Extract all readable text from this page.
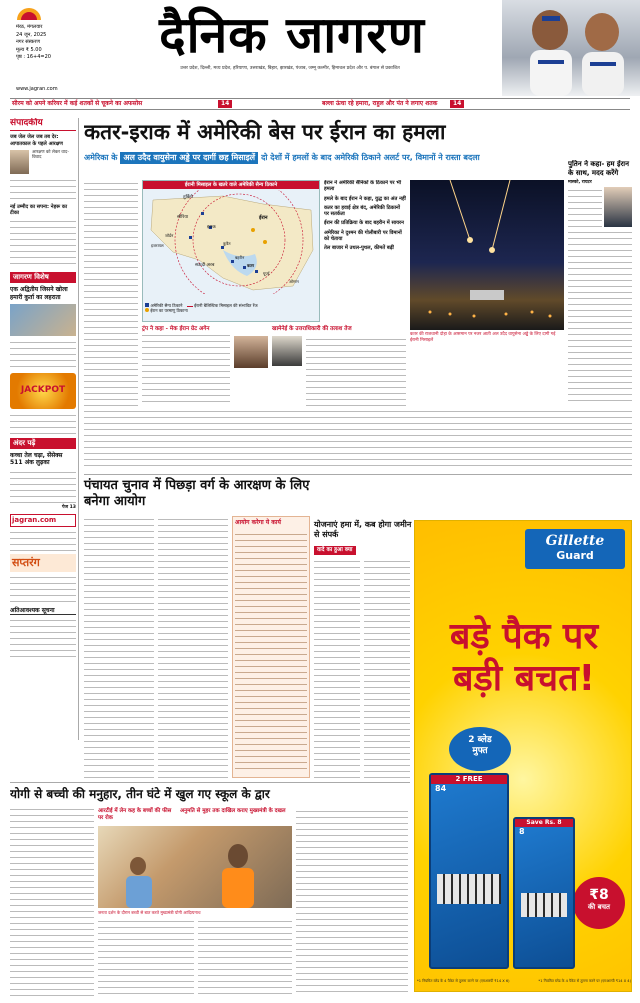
मेरठ, मंगलवार
24 जून, 2025
नगर संस्करण
मूल्य ₹ 5.00
पृष्ठ : 16+4=20	दैनिक जागरण
उत्तर प्रदेश, दिल्ली, मध्य प्रदेश, हरियाणा, उत्तराखंड, बिहार, झारखंड, पंजाब, जम्मू कश्मीर, हिमाचल प्रदेश और प. बंगाल से प्रकाशित
www.jagran.com
सीरम को अपने करियर में कई शतकों से चूकने का अफसोस	14	बल्ला ऊंचा रहे हमारा, राहुल और पंत ने लगाए शतक	14
संपादकीय
जब जेल जेल जब तब देर: आपातकाल के पहले आरक्षण
आरक्षण को लेकर वाद-विवाद
नई उम्मीद का सपना: नेहरू का टीका
जागरण विशेष
एक अद्वितीय जिसने खोला हमारी कुर्ता का लहराता
JACKPOT
अंदर पढ़ें
कच्चा तेल चढ़ा, सेंसेक्स 511 अंक लुढ़का
पेज 13
jagran.com
सप्तरंग
अतिआवश्यक सूचना
कतर-इराक में अमेरिकी बेस पर ईरान का हमला
अमेरिका के अल उदैद वायुसेना अड्डे पर दागीं छह मिसाइलें दो देशों में हमलों के बाद अमेरिकी ठिकाने अलर्ट पर, विमानों ने रास्ता बदला
ईरानी मिसाइल के खतरे वाले अमेरिकी सैन्य ठिकाने
तुर्किये
सीरिया
इराक
ईरान
सऊदी अरब
कुवैत
बहरीन
कतर
यूएई
ओमान
जॉर्डन
इजरायल
अमेरिकी सैन्य ठिकाने	ईरानी बैलिस्टिक मिसाइल की संभावित रेंज
ईरान का परमाणु ठिकाना
ट्रंप ने कहा - मेक ईरान ग्रेट अगेन
ईरान ने अमेरिकी सैनिकों के ठिकाने पर भी हमला
हमले के बाद ईरान ने कहा, युद्ध का अंत नहीं
कतर का हवाई क्षेत्र बंद, अमेरिकी ठिकानों पर सतर्कता
ईरान की प्रतिक्रिया के बाद बहरीन में सायरन
अमेरिका ने दुश्मन की गोलीबारी पर विमानों को चेताया
तेल बाजार में उथल-पुथल, कीमतें बढ़ीं
खामेनेई के उत्तराधिकारी की तलाश तेज
कतर की राजधानी दोहा के आसमान पर नजर आती अल उदैद वायुसेना अड्डे के लिए दागी गई ईरानी मिसाइलें
पुतिन ने कहा- हम ईरान के साथ, मदद करेंगे
मास्को, रायटर
पंचायत चुनाव में पिछड़ा वर्ग के आरक्षण के लिए बनेगा आयोग
आयोग करेगा ये कार्य	योजनाएं हमा में, कब होगा जमीन से संपर्क
वादे का हुआ क्या
Gillette
Guard
बड़े पैक पर
बड़ी बचत!
2 ब्लेड
मुफ्त
₹8
की बचत
2 FREE
84
Save Rs. 8
8
*1 नियमित ब्लेड के 4 पैकेट से तुलना करने पर (एमआरपी ₹14 X 6)	*1 नियमित ब्लेड के 4 पैकेट से तुलना करने पर (एमआरपी ₹14 X 4)
योगी से बच्ची की मनुहार, तीन घंटे में खुल गए स्कूल के द्वार
आरटीई में लेन कह के बच्चों की फीस पर रोक
अनुमति से मुहर तक दाखिल कराए मुख्यमंत्री के दखल
जनता दर्शन के दौरान बच्ची से बात करते मुख्यमंत्री योगी आदित्यनाथ
